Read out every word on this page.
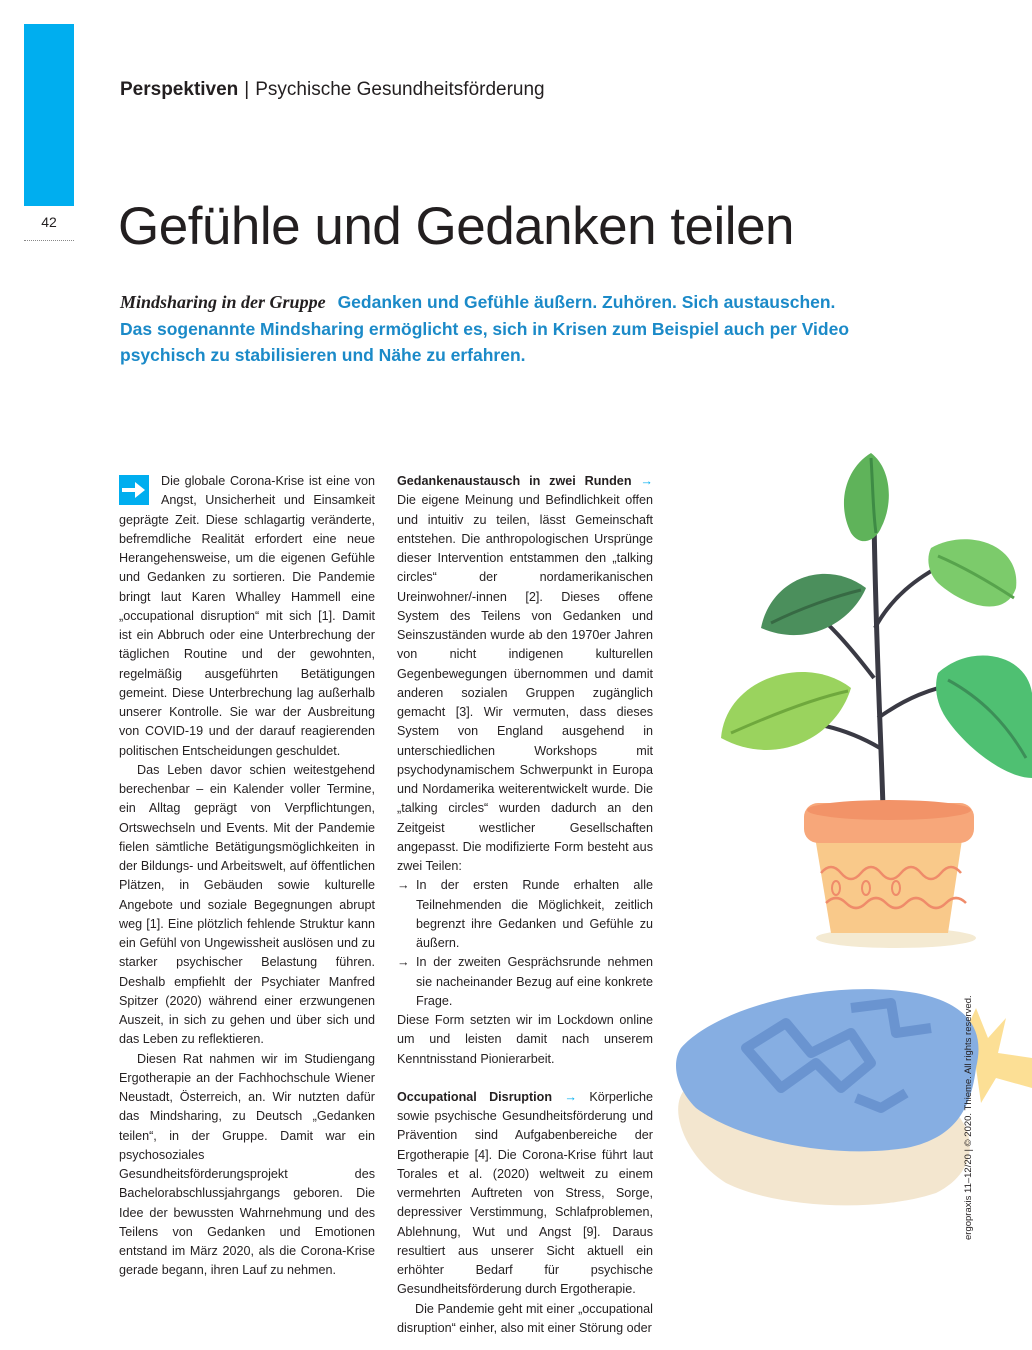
42
Perspektiven | Psychische Gesundheitsförderung
Gefühle und Gedanken teilen
Mindsharing in der Gruppe Gedanken und Gefühle äußern. Zuhören. Sich austauschen. Das sogenannte Mindsharing ermöglicht es, sich in Krisen zum Beispiel auch per Video psychisch zu stabilisieren und Nähe zu erfahren.

Die globale Corona-Krise ist eine von Angst, Unsicherheit und Einsamkeit geprägte Zeit. Diese schlagartig veränderte, befremdliche Realität erfordert eine neue Herangehensweise, um die eigenen Gefühle und Gedanken zu sortieren. Die Pandemie bringt laut Karen Whalley Hammell eine „occupational disruption“ mit sich [1]. Damit ist ein Abbruch oder eine Unterbrechung der täglichen Routine und der gewohnten, regelmäßig ausgeführten Betätigungen gemeint. Diese Unterbrechung lag außerhalb unserer Kontrolle. Sie war der Ausbreitung von COVID-19 und der darauf reagierenden politischen Entscheidungen geschuldet.

Das Leben davor schien weitestgehend berechenbar – ein Kalender voller Termine, ein Alltag geprägt von Verpflichtungen, Ortswechseln und Events. Mit der Pandemie fielen sämtliche Betätigungsmöglichkeiten in der Bildungs- und Arbeitswelt, auf öffentlichen Plätzen, in Gebäuden sowie kulturelle Angebote und soziale Begegnungen abrupt weg [1]. Eine plötzlich fehlende Struktur kann ein Gefühl von Ungewissheit auslösen und zu starker psychischer Belastung führen. Deshalb empfiehlt der Psychiater Manfred Spitzer (2020) während einer erzwungenen Auszeit, in sich zu gehen und über sich und das Leben zu reflektieren.

Diesen Rat nahmen wir im Studiengang Ergotherapie an der Fachhochschule Wiener Neustadt, Österreich, an. Wir nutzten dafür das Mindsharing, zu Deutsch „Gedanken teilen“, in der Gruppe. Damit war ein psychosoziales Gesundheitsförderungsprojekt des Bachelorabschlussjahrgangs geboren. Die Idee der bewussten Wahrnehmung und des Teilens von Gedanken und Emotionen entstand im März 2020, als die Corona-Krise gerade begann, ihren Lauf zu nehmen.

Gedankenaustausch in zwei Runden → Die eigene Meinung und Befindlichkeit offen und intuitiv zu teilen, lässt Gemeinschaft entstehen. Die anthropologischen Ursprünge dieser Intervention entstammen den „talking circles“ der nordamerikanischen Ureinwohner/-innen [2]. Dieses offene System des Teilens von Gedanken und Seinszuständen wurde ab den 1970er Jahren von nicht indigenen kulturellen Gegenbewegungen übernommen und damit anderen sozialen Gruppen zugänglich gemacht [3]. Wir vermuten, dass dieses System von England ausgehend in unterschiedlichen Workshops mit psychodynamischem Schwerpunkt in Europa und Nordamerika weiterentwickelt wurde. Die „talking circles“ wurden dadurch an den Zeitgeist westlicher Gesellschaften angepasst. Die modifizierte Form besteht aus zwei Teilen:

→ In der ersten Runde erhalten alle Teilnehmenden die Möglichkeit, zeitlich begrenzt ihre Gedanken und Gefühle zu äußern.
→ In der zweiten Gesprächsrunde nehmen sie nacheinander Bezug auf eine konkrete Frage.

Diese Form setzten wir im Lockdown online um und leisten damit nach unserem Kenntnisstand Pionierarbeit.

Occupational Disruption → Körperliche sowie psychische Gesundheitsförderung und Prävention sind Aufgabenbereiche der Ergotherapie [4]. Die Corona-Krise führt laut Torales et al. (2020) weltweit zu einem vermehrten Auftreten von Stress, Sorge, depressiver Verstimmung, Schlafproblemen, Ablehnung, Wut und Angst [9]. Daraus resultiert aus unserer Sicht aktuell ein erhöhter Bedarf für psychische Gesundheitsförderung durch Ergotherapie.

Die Pandemie geht mit einer „occupational disruption“ einher, also mit einer Störung oder

ergopraxis 11–12/20 | © 2020. Thieme. All rights reserved.
